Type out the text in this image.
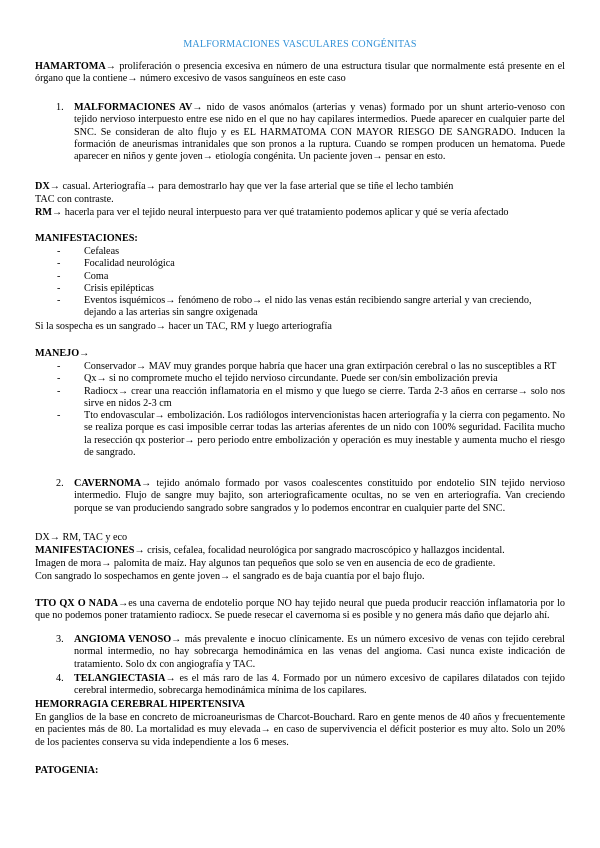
MALFORMACIONES VASCULARES CONGÉNITAS

HAMARTOMA→ proliferación o presencia excesiva en número de una estructura tisular que normalmente está presente en el órgano que la contiene→ número excesivo de vasos sanguíneos en este caso

1. MALFORMACIONES AV→ nido de vasos anómalos (arterias y venas) formado por un shunt arterio-venoso con tejido nervioso interpuesto entre ese nido en el que no hay capilares intermedios. Puede aparecer en cualquier parte del SNC. Se consideran de alto flujo y es EL HARMATOMA CON MAYOR RIESGO DE SANGRADO. Inducen la formación de aneurismas intranidales que son pronos a la ruptura. Cuando se rompen producen un hematoma. Puede aparecer en niños y gente joven→ etiología congénita. Un paciente joven→ pensar en esto.

DX→ casual. Arteriografía→ para demostrarlo hay que ver la fase arterial que se tiñe el lecho también

TAC con contraste.

RM→ hacerla para ver el tejido neural interpuesto para ver qué tratamiento podemos aplicar y qué se vería afectado

MANIFESTACIONES:
- Cefaleas
- Focalidad neurológica
- Coma
- Crisis epilépticas
- Eventos isquémicos→ fenómeno de robo→ el nido las venas están recibiendo sangre arterial y van creciendo, dejando a las arterias sin sangre oxigenada

Si la sospecha es un sangrado→ hacer un TAC, RM y luego arteriografía

MANEJO→
- Conservador→ MAV muy grandes porque habría que hacer una gran extirpación cerebral o las no susceptibles a RT
- Qx→ si no compromete mucho el tejido nervioso circundante. Puede ser con/sin embolización previa
- Radiocx→ crear una reacción inflamatoria en el mismo y que luego se cierre. Tarda 2-3 años en cerrarse→ solo nos sirve en nidos 2-3 cm
- Tto endovascular→ embolización. Los radiólogos intervencionistas hacen arteriografía y la cierra con pegamento. No se realiza porque es casi imposible cerrar todas las arterias aferentes de un nido con 100% seguridad. Facilita mucho la resección qx posterior→ pero periodo entre embolización y operación es muy inestable y aumenta mucho el riesgo de sangrado.
2. CAVERNOMA→ tejido anómalo formado por vasos coalescentes constituido por endotelio SIN tejido nervioso intermedio. Flujo de sangre muy bajito, son arteriograficamente ocultas, no se ven en arteriografía. Van creciendo porque se van produciendo sangrado sobre sangrados y lo podemos encontrar en cualquier parte del SNC.

DX→ RM, TAC y eco

MANIFESTACIONES→ crisis, cefalea, focalidad neurológica por sangrado macroscópico y hallazgos incidental.

Imagen de mora→ palomita de maíz. Hay algunos tan pequeños que solo se ven en ausencia de eco de gradiente.

Con sangrado lo sospechamos en gente joven→ el sangrado es de baja cuantía por el bajo flujo.

TTO QX O NADA→es una caverna de endotelio porque NO hay tejido neural que pueda producir reacción inflamatoria por lo que no podemos poner tratamiento radiocx. Se puede resecar el cavernoma si es posible y no genera más daño que dejarlo ahí.

3. ANGIOMA VENOSO→ más prevalente e inocuo clínicamente. Es un número excesivo de venas con tejido cerebral normal intermedio, no hay sobrecarga hemodinámica en las venas del angioma. Casi nunca existe indicación de tratamiento. Solo dx con angiografía y TAC.

4. TELANGIECTASIA→ es el más raro de las 4. Formado por un número excesivo de capilares dilatados con tejido cerebral intermedio, sobrecarga hemodinámica mínima de los capilares.

HEMORRAGIA CEREBRAL HIPERTENSIVA

En ganglios de la base en concreto de microaneurismas de Charcot-Bouchard. Raro en gente menos de 40 años y frecuentemente en pacientes más de 80. La mortalidad es muy elevada→ en caso de supervivencia el déficit posterior es muy alto. Solo un 20% de los pacientes conserva su vida independiente a los 6 meses.

PATOGENIA:
